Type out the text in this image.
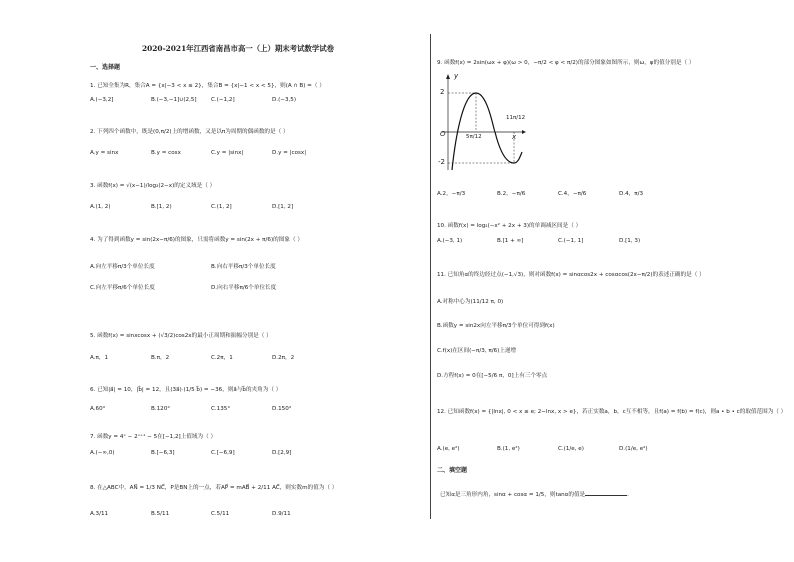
2020-2021年江西省南昌市高一（上）期末考试数学试卷
一、选择题
1. 已知全集为R，集合A = {x|−3 < x ≤ 2}，集合B = {x|−1 < x < 5}，则(A ∩ B) =（ ）
A.(−3,2]	B.(−3,−1]∪(2,5]	C.(−1,2]	D.(−3,5)
2. 下列四个函数中，既是(0,π/2)上的增函数，又是以π为周期的偶函数的是（ ）
A.y = sinx	B.y = cosx	C.y = |sinx|	D.y = |cosx|
3. 函数f(x) = √(x−1)/log₂(2−x)的定义域是（ ）
A.(1, 2)	B.[1, 2)	C.(1, 2]	D.[1, 2]
4. 为了得到函数y = sin(2x−π/6)的图象，只需将函数y = sin(2x + π/6)的图象（ ）
A.向左平移π/3个单位长度	B.向右平移π/3个单位长度
C.向左平移π/6个单位长度	D.向右平移π/6个单位长度
5. 函数f(x) = sinxcosx + (√3/2)cos2x的最小正周期和振幅分别是（ ）
A.π，1	B.π，2	C.2π，1	D.2π，2
6. 已知|a⃗| = 10，|b⃗| = 12，且(3a⃗)·(1/5 b⃗) = −36，则a⃗与b⃗的夹角为（ ）
A.60°	B.120°	C.135°	D.150°
7. 函数y = 4ˣ − 2ˣ⁺¹ − 5在[−1,2]上值域为（ ）
A.(−∞,0)	B.[−6,3]	C.[−6,9]	D.[2,9]
8. 在△ABC中，AN⃗ = 1/3 NC⃗，P是BN上的一点，若AP⃗ = mAB⃗ + 2/11 AC⃗，则实数m的值为（ ）
A.3/11	B.5/11	C.5/11	D.9/11
9. 函数f(x) = 2sin(ωx + φ)(ω > 0，−π/2 < φ < π/2)的部分图象如图所示，则ω，φ的值分别是（ ）
y
x
O
2
-2
5π/12
11π/12
A.2，−π/3	B.2，−π/6	C.4，−π/6	D.4，π/3
10. 函数f(x) = log₂(−x² + 2x + 3)的单调减区间是（ ）
A.(−3, 1)	B.[1 + ∞]	C.(−1, 1]	D.[1, 3)
11. 已知角α的终边经过点(−1,√3)，则对函数f(x) = sinαcos2x + cosαcos(2x−π/2)的表述正确的是（ ）
A.对称中心为(11/12 π, 0)
B.函数y = sin2x向左平移π/3个单位可得到f(x)
C.f(x)在区间(−π/3, π/6)上递增
D.方程f(x) = 0在[−5/6 π，0]上有三个零点
12. 已知函数f(x) = {|lnx|, 0 < x ≤ e; 2−lnx, x > e}，若正实数a，b，c互不相等，且f(a) = f(b) = f(c)，则a • b • c的取值范围为（ ）
A.(e, e²)	B.(1, e²)	C.(1/e, e)	D.(1/e, e²)
二、填空题
已知α是三角形内角，sinα + cosα = 1/5，则tanα的值是	.
